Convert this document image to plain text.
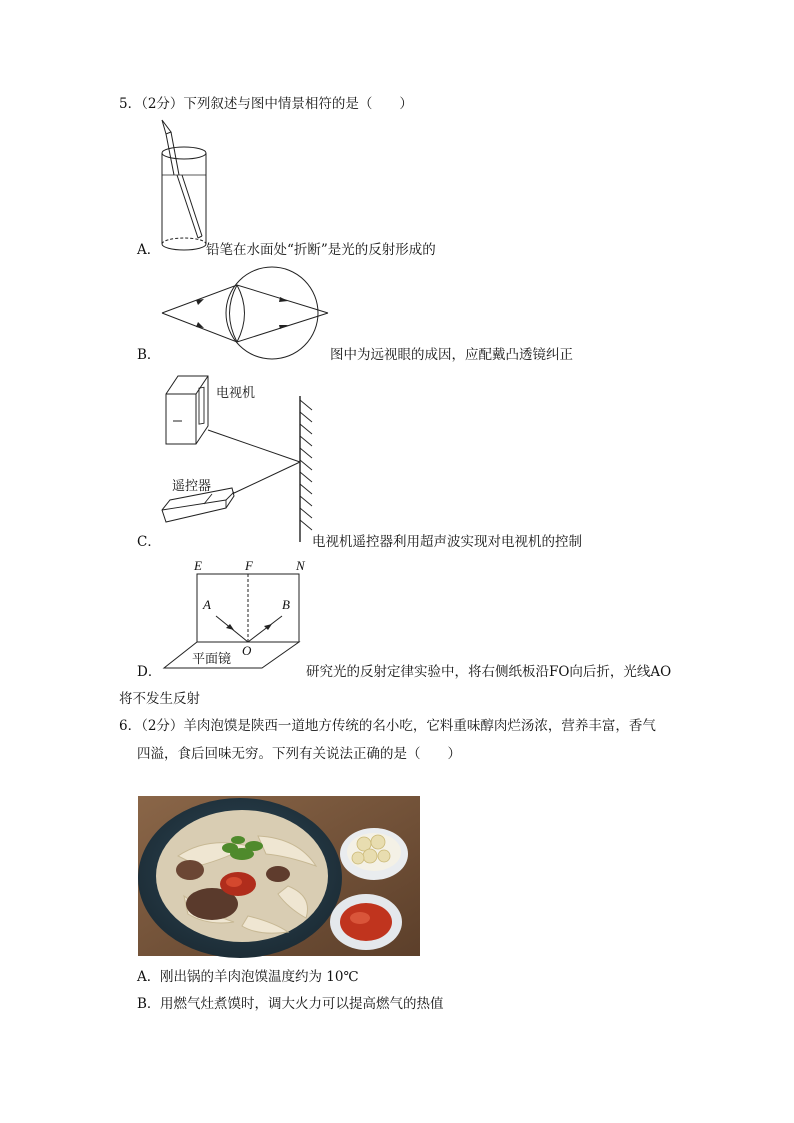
5．（2分）下列叙述与图中情景相符的是（　　）
A．	铅笔在水面处“折断”是光的反射形成的
B．	图中为远视眼的成因，应配戴凸透镜纠正
电视机
遥控器
C．	电视机遥控器利用超声波实现对电视机的控制
E	F	N
A	B
O
平面镜
D．	研究光的反射定律实验中，将右侧纸板沿FO向后折，光线AO
将不发生反射
6．（2分）羊肉泡馍是陕西一道地方传统的名小吃，它料重味醇肉烂汤浓，营养丰富，香气
四溢，食后回味无穷。下列有关说法正确的是（　　）
A． 刚出锅的羊肉泡馍温度约为 10℃
B． 用燃气灶煮馍时，调大火力可以提高燃气的热值
